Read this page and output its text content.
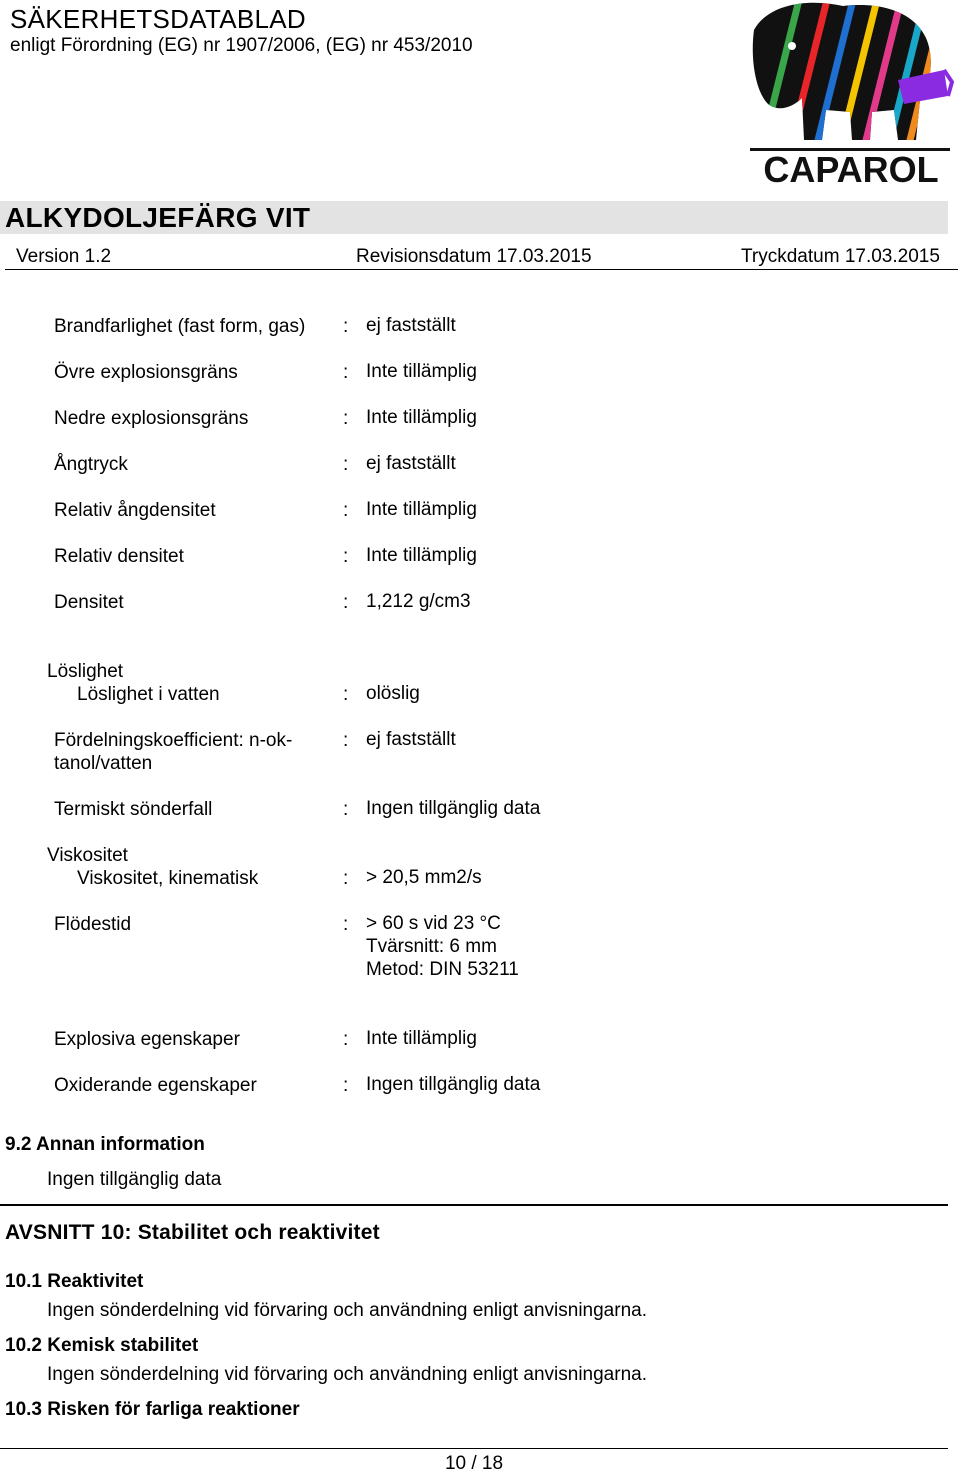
SÄKERHETSDATABLAD
enligt Förordning (EG) nr 1907/2006, (EG) nr 453/2010
CAPAROL
ALKYDOLJEFÄRG VIT
Version 1.2	Revisionsdatum 17.03.2015	Tryckdatum 17.03.2015
Brandfarlighet (fast form, gas) : ej fastställt
Övre explosionsgräns	: Inte tillämplig
Nedre explosionsgräns	: Inte tillämplig
Ångtryck	: ej fastställt
Relativ ångdensitet	: Inte tillämplig
Relativ densitet	: Inte tillämplig
Densitet	: 1,212 g/cm3
Löslighet
Löslighet i vatten	: olöslig
Fördelningskoefficient: n-ok-
tanol/vatten
: ej fastställt
Termiskt sönderfall	: Ingen tillgänglig data
Viskositet
Viskositet, kinematisk	: > 20,5 mm2/s
Flödestid	: > 60 s vid 23 °C
Tvärsnitt: 6 mm
Metod: DIN 53211
Explosiva egenskaper	: Inte tillämplig
Oxiderande egenskaper	: Ingen tillgänglig data
9.2 Annan information
Ingen tillgänglig data
AVSNITT 10: Stabilitet och reaktivitet
10.1 Reaktivitet
Ingen sönderdelning vid förvaring och användning enligt anvisningarna.
10.2 Kemisk stabilitet
Ingen sönderdelning vid förvaring och användning enligt anvisningarna.
10.3 Risken för farliga reaktioner
10 / 18
